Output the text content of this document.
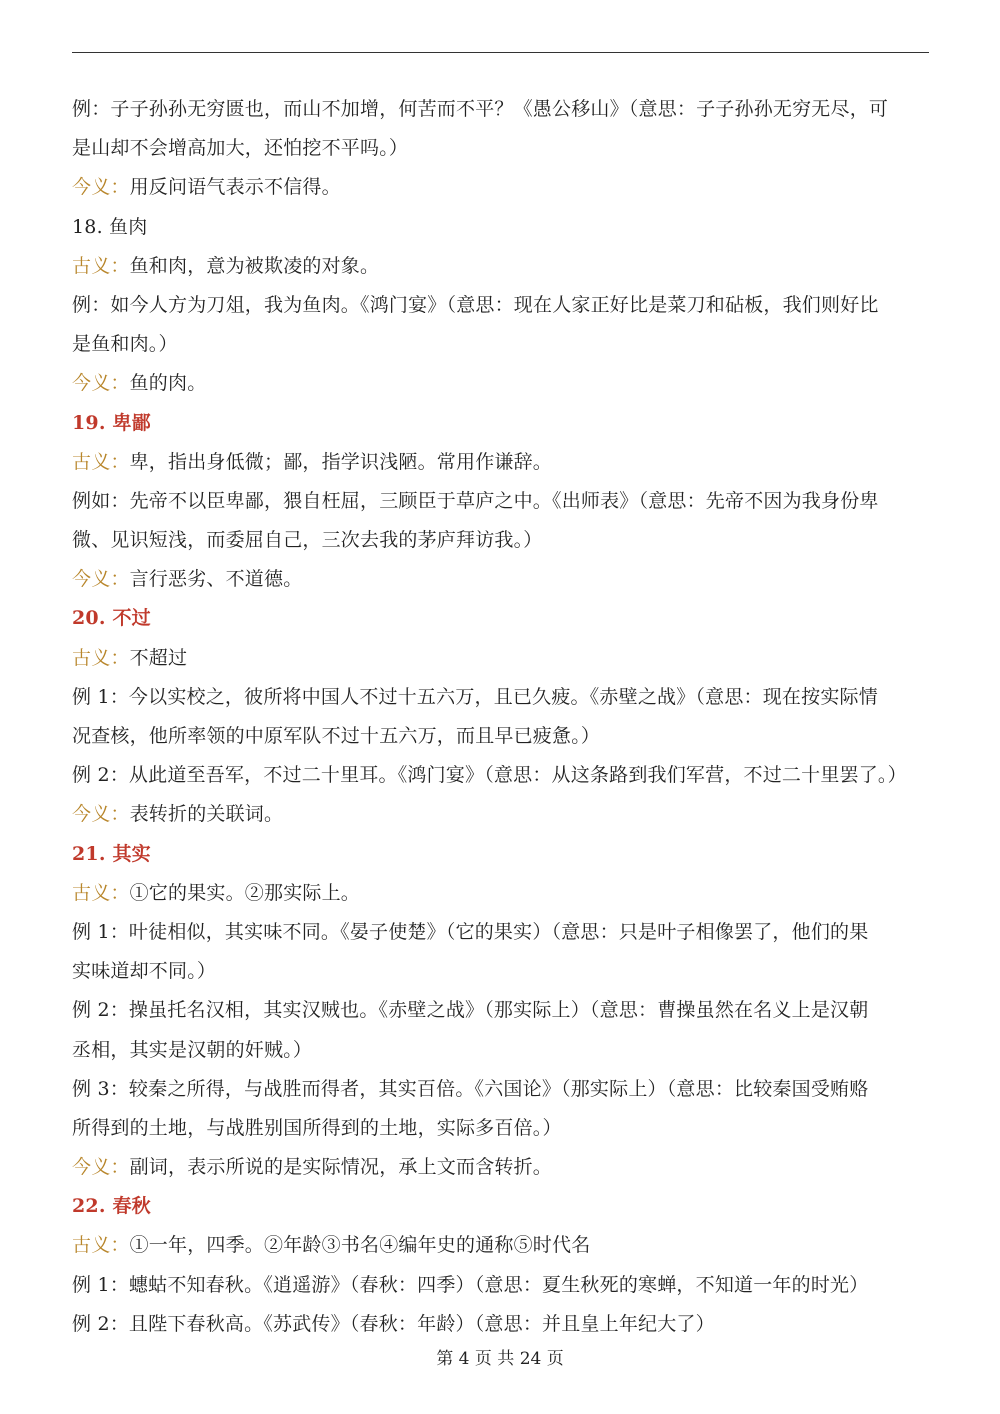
例：子子孙孙无穷匮也，而山不加增，何苦而不平？《愚公移山》（意思：子子孙孙无穷无尽，可
是山却不会增高加大，还怕挖不平吗。）
今义：用反问语气表示不信得。
18. 鱼肉
古义：鱼和肉，意为被欺凌的对象。
例：如今人方为刀俎，我为鱼肉。《鸿门宴》（意思：现在人家正好比是菜刀和砧板，我们则好比
是鱼和肉。）
今义：鱼的肉。
19. 卑鄙
古义：卑，指出身低微；鄙，指学识浅陋。常用作谦辞。
例如：先帝不以臣卑鄙，猥自枉屈，三顾臣于草庐之中。《出师表》（意思：先帝不因为我身份卑
微、见识短浅，而委屈自己，三次去我的茅庐拜访我。）
今义：言行恶劣、不道德。
20. 不过
古义：不超过
例 1：今以实校之，彼所将中国人不过十五六万，且已久疲。《赤壁之战》（意思：现在按实际情
况查核，他所率领的中原军队不过十五六万，而且早已疲惫。）
例 2：从此道至吾军，不过二十里耳。《鸿门宴》（意思：从这条路到我们军营，不过二十里罢了。）
今义：表转折的关联词。
21. 其实
古义：①它的果实。②那实际上。
例 1：叶徒相似，其实味不同。《晏子使楚》（它的果实）（意思：只是叶子相像罢了，他们的果
实味道却不同。）
例 2：操虽托名汉相，其实汉贼也。《赤壁之战》（那实际上）（意思：曹操虽然在名义上是汉朝
丞相，其实是汉朝的奸贼。）
例 3：较秦之所得，与战胜而得者，其实百倍。《六国论》（那实际上）（意思：比较秦国受贿赂
所得到的土地，与战胜别国所得到的土地，实际多百倍。）
今义：副词，表示所说的是实际情况，承上文而含转折。
22. 春秋
古义：①一年，四季。②年龄③书名④编年史的通称⑤时代名
例 1：蟪蛄不知春秋。《逍遥游》（春秋：四季）（意思：夏生秋死的寒蝉，不知道一年的时光）
例 2：且陛下春秋高。《苏武传》（春秋：年龄）（意思：并且皇上年纪大了）
第 4 页 共 24 页
